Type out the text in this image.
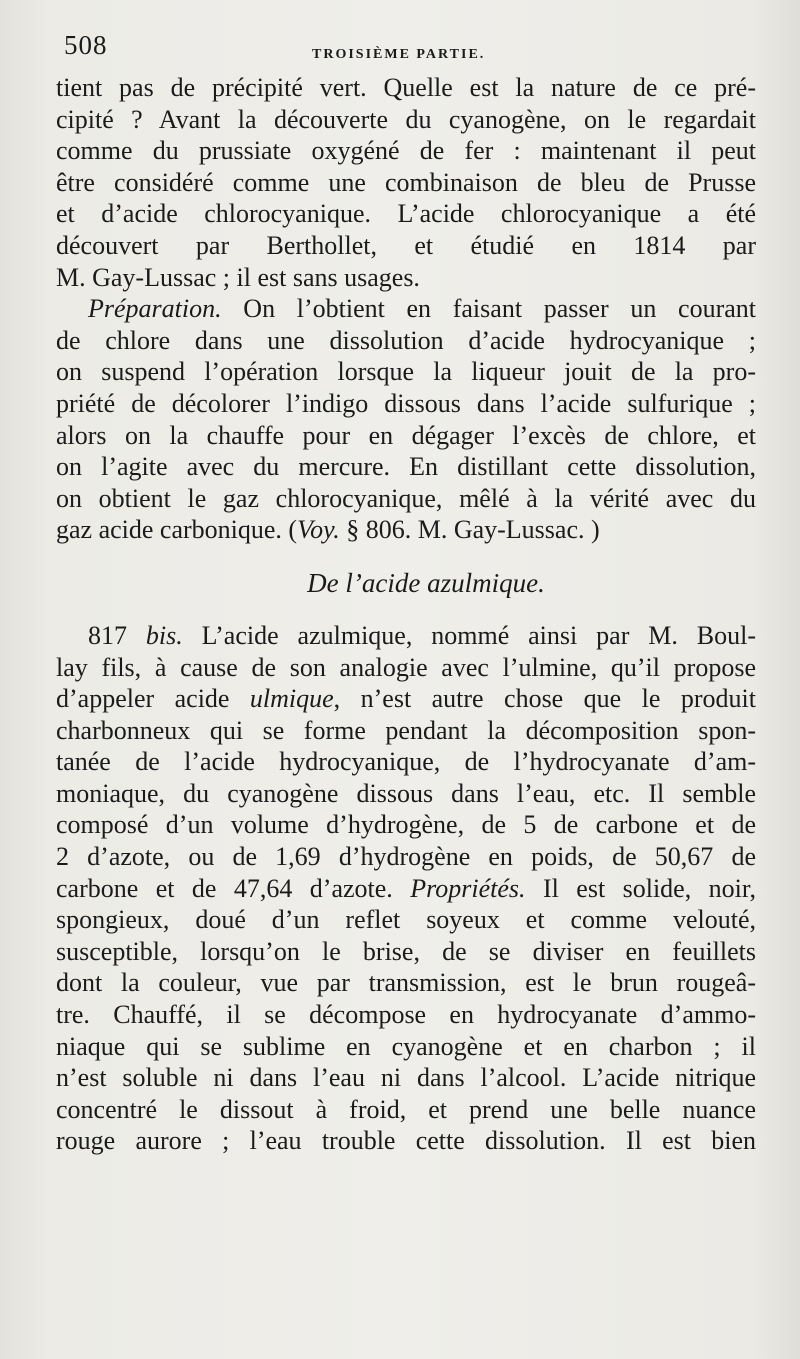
508	TROISIÈME PARTIE.
tient pas de précipité vert. Quelle est la nature de ce pré-
cipité ? Avant la découverte du cyanogène, on le regardait
comme du prussiate oxygéné de fer : maintenant il peut
être considéré comme une combinaison de bleu de Prusse
et d’acide chlorocyanique. L’acide chlorocyanique a été
découvert par Berthollet, et étudié en 1814 par
M. Gay-Lussac ; il est sans usages.
Préparation. On l’obtient en faisant passer un courant
de chlore dans une dissolution d’acide hydrocyanique ;
on suspend l’opération lorsque la liqueur jouit de la pro-
priété de décolorer l’indigo dissous dans l’acide sulfurique ;
alors on la chauffe pour en dégager l’excès de chlore, et
on l’agite avec du mercure. En distillant cette dissolution,
on obtient le gaz chlorocyanique, mêlé à la vérité avec du
gaz acide carbonique. (Voy. § 806. M. Gay-Lussac. )
De l’acide azulmique.
817 bis. L’acide azulmique, nommé ainsi par M. Boul-
lay fils, à cause de son analogie avec l’ulmine, qu’il propose
d’appeler acide ulmique, n’est autre chose que le produit
charbonneux qui se forme pendant la décomposition spon-
tanée de l’acide hydrocyanique, de l’hydrocyanate d’am-
moniaque, du cyanogène dissous dans l’eau, etc. Il semble
composé d’un volume d’hydrogène, de 5 de carbone et de
2 d’azote, ou de 1,69 d’hydrogène en poids, de 50,67 de
carbone et de 47,64 d’azote. Propriétés. Il est solide, noir,
spongieux, doué d’un reflet soyeux et comme velouté,
susceptible, lorsqu’on le brise, de se diviser en feuillets
dont la couleur, vue par transmission, est le brun rougeâ-
tre. Chauffé, il se décompose en hydrocyanate d’ammo-
niaque qui se sublime en cyanogène et en charbon ; il
n’est soluble ni dans l’eau ni dans l’alcool. L’acide nitrique
concentré le dissout à froid, et prend une belle nuance
rouge aurore ; l’eau trouble cette dissolution. Il est bien
